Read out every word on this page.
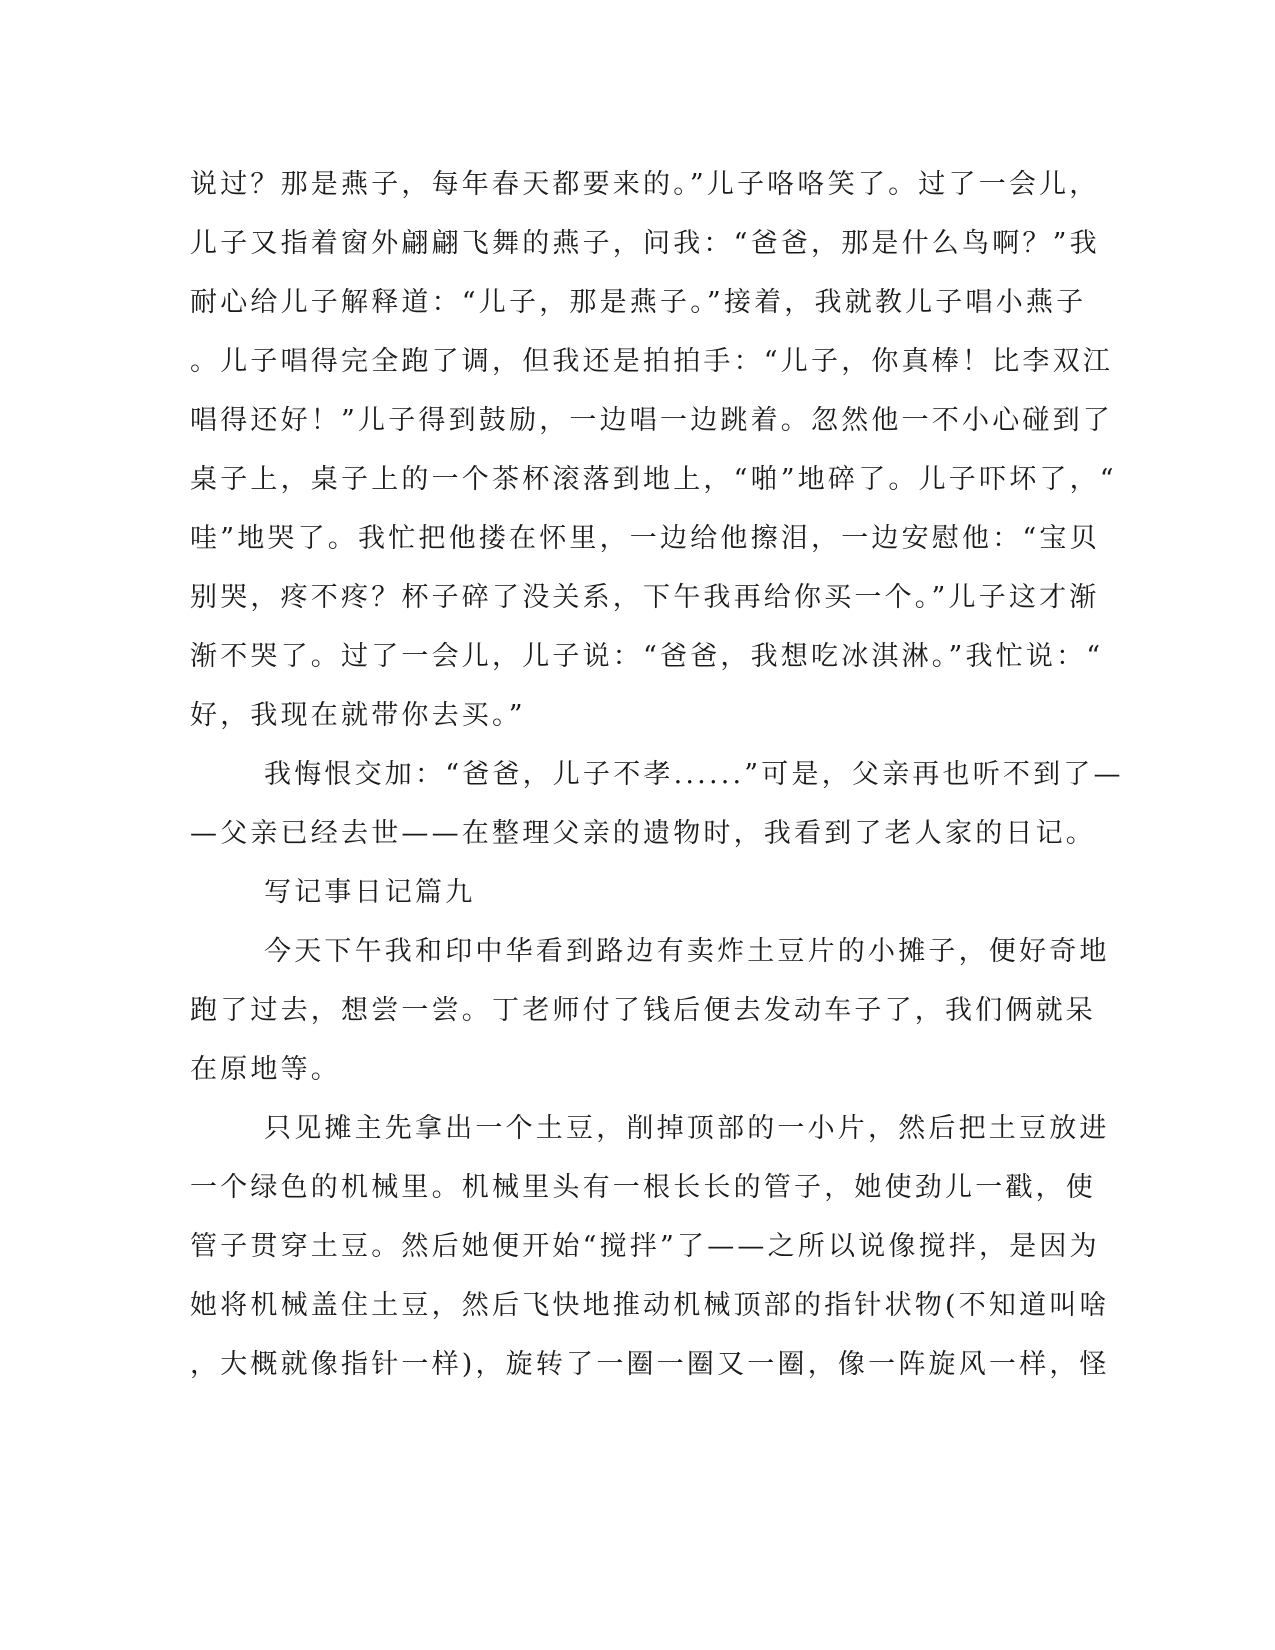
说过？那是燕子，每年春天都要来的。”儿子咯咯笑了。过了一会儿，
儿子又指着窗外翩翩飞舞的燕子，问我：“爸爸，那是什么鸟啊？”我
耐心给儿子解释道：“儿子，那是燕子。”接着，我就教儿子唱小燕子
。儿子唱得完全跑了调，但我还是拍拍手：“儿子，你真棒！比李双江
唱得还好！”儿子得到鼓励，一边唱一边跳着。忽然他一不小心碰到了
桌子上，桌子上的一个茶杯滚落到地上，“啪”地碎了。儿子吓坏了，“
哇”地哭了。我忙把他搂在怀里，一边给他擦泪，一边安慰他：“宝贝
别哭，疼不疼？杯子碎了没关系，下午我再给你买一个。”儿子这才渐
渐不哭了。过了一会儿，儿子说：“爸爸，我想吃冰淇淋。”我忙说：“
好，我现在就带你去买。”
我悔恨交加：“爸爸，儿子不孝......”可是，父亲再也听不到了—
—父亲已经去世——在整理父亲的遗物时，我看到了老人家的日记。
写记事日记篇九
今天下午我和印中华看到路边有卖炸土豆片的小摊子，便好奇地
跑了过去，想尝一尝。丁老师付了钱后便去发动车子了，我们俩就呆
在原地等。
只见摊主先拿出一个土豆，削掉顶部的一小片，然后把土豆放进
一个绿色的机械里。机械里头有一根长长的管子，她使劲儿一戳，使
管子贯穿土豆。然后她便开始“搅拌”了——之所以说像搅拌，是因为
她将机械盖住土豆，然后飞快地推动机械顶部的指针状物(不知道叫啥
，大概就像指针一样)，旋转了一圈一圈又一圈，像一阵旋风一样，怪
